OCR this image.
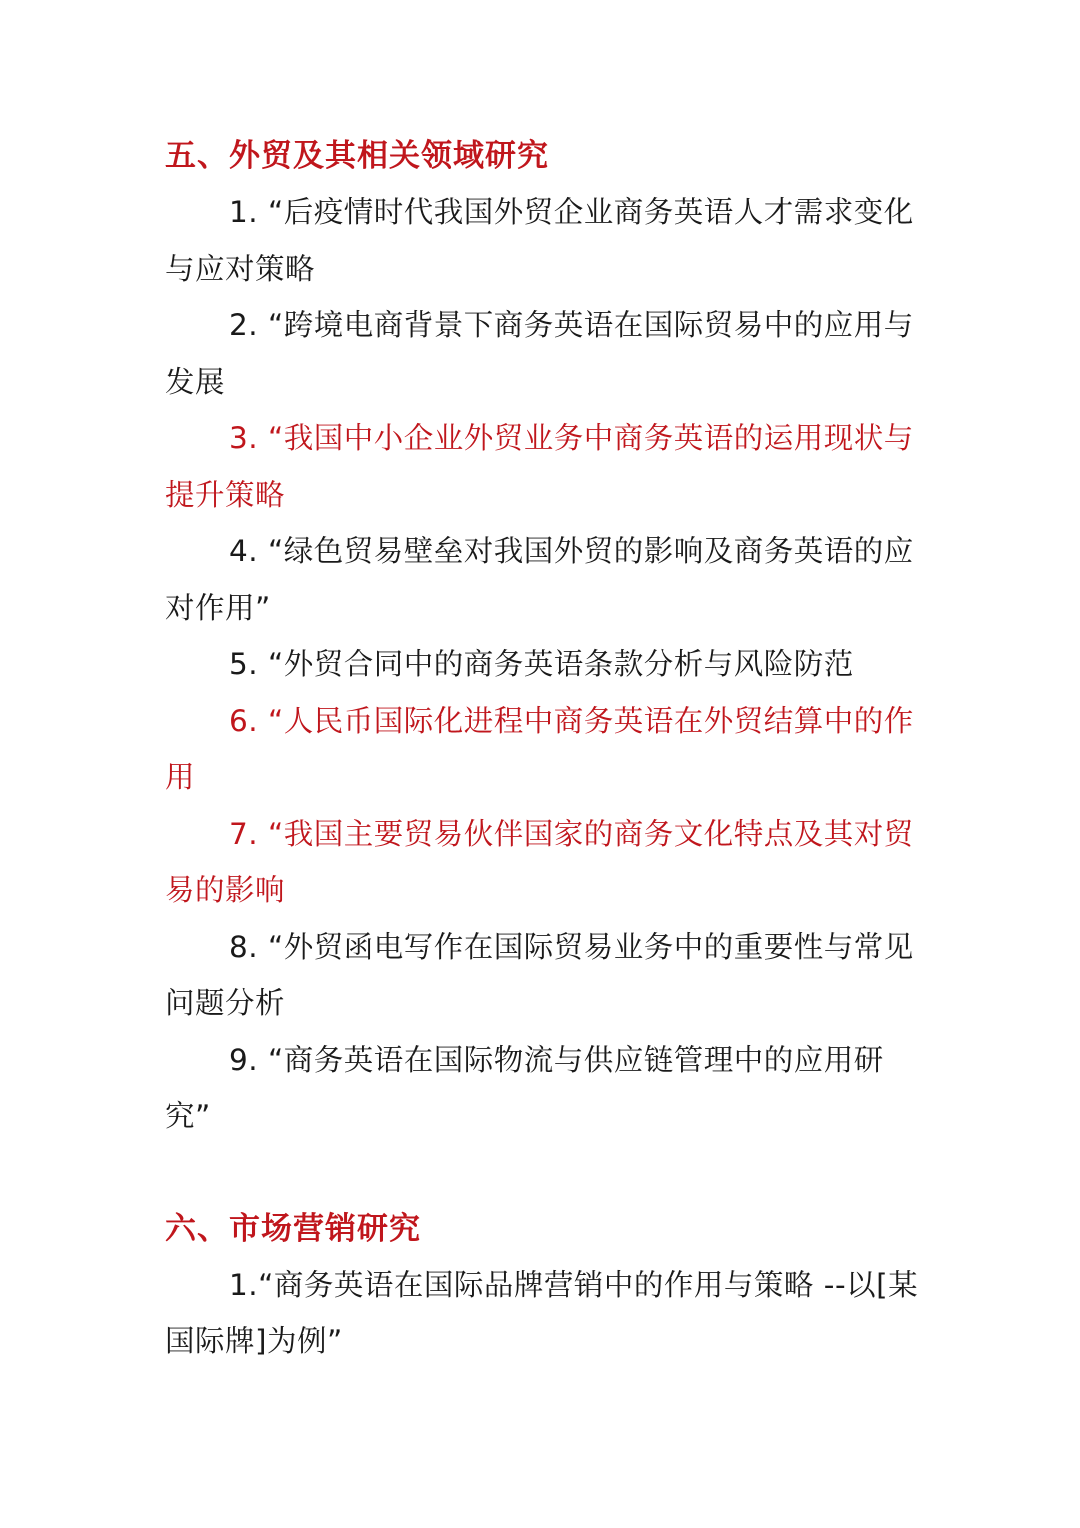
五、外贸及其相关领域研究

1. “后疫情时代我国外贸企业商务英语人才需求变化与应对策略

2. “跨境电商背景下商务英语在国际贸易中的应用与发展

3. “我国中小企业外贸业务中商务英语的运用现状与提升策略

4. “绿色贸易壁垒对我国外贸的影响及商务英语的应对作用”

5. “外贸合同中的商务英语条款分析与风险防范

6. “人民币国际化进程中商务英语在外贸结算中的作用

7. “我国主要贸易伙伴国家的商务文化特点及其对贸易的影响

8. “外贸函电写作在国际贸易业务中的重要性与常见问题分析

9. “商务英语在国际物流与供应链管理中的应用研究”

六、市场营销研究

1.“商务英语在国际品牌营销中的作用与策略 --以[某国际牌]为例”
